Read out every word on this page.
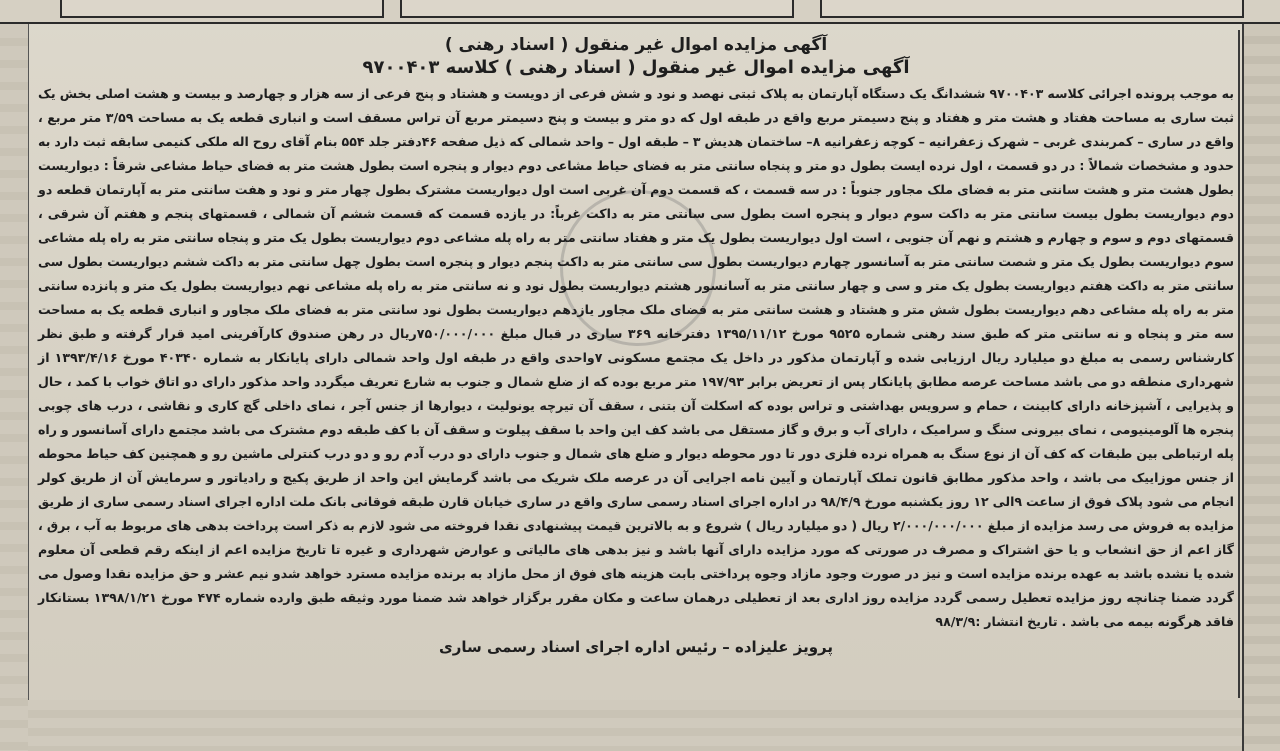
آگهی مزایده اموال غیر منقول ( اسناد رهنی )

آگهی مزایده اموال غیر منقول ( اسناد رهنی ) کلاسه ۹۷۰۰۴۰۳

به موجب پرونده اجرائی کلاسه ۹۷۰۰۴۰۳ ششدانگ یک دستگاه آپارتمان به پلاک ثبتی نهصد و نود و شش فرعی از دویست و هشتاد و پنج فرعی از سه هزار و چهارصد و بیست و هشت اصلی بخش یک ثبت ساری به مساحت هفتاد و هشت متر و هفتاد و پنج دسیمتر مربع واقع در طبقه اول که دو متر و بیست و پنج دسیمتر مربع آن تراس مسقف است و انباری قطعه یک به مساحت ۳/۵۹ متر مربع ، واقع در ساری – کمربندی غربی – شهرک زعفرانیه – کوچه زعفرانیه ۸– ساختمان هدیش ۳ – طبقه اول – واحد شمالی که ذیل صفحه ۴۶دفتر جلد ۵۵۴ بنام آقای روح اله ملکی کنیمی سابقه ثبت دارد به حدود و مشخصات شمالاً : در دو قسمت ، اول نرده ایست بطول دو متر و پنجاه سانتی متر به فضای حیاط مشاعی دوم دیوار و پنجره است بطول هشت متر به فضای حیاط مشاعی شرقاً : دیواریست بطول هشت متر و هشت سانتی متر به فضای ملک مجاور جنوباً : در سه قسمت ، که قسمت دوم آن غربی است اول دیواریست مشترک بطول چهار متر و نود و هفت سانتی متر به آپارتمان قطعه دو دوم دیواریست بطول بیست سانتی متر به داکت سوم دیوار و پنجره است بطول سی سانتی متر به داکت غرباً: در یازده قسمت که قسمت ششم آن شمالی ، قسمتهای پنجم و هفتم آن شرقی ، قسمتهای دوم و سوم و چهارم و هشتم و نهم آن جنوبی ، است اول دیواریست بطول یک متر و هفتاد سانتی متر به راه پله مشاعی دوم دیواریست بطول یک متر و پنجاه سانتی متر به راه پله مشاعی سوم دیواریست بطول یک متر و شصت سانتی متر به آسانسور چهارم دیواریست بطول سی سانتی متر به داکت پنجم دیوار و پنجره است بطول چهل سانتی متر به داکت ششم دیواریست بطول سی سانتی متر به داکت هفتم دیواریست بطول یک متر و سی و چهار سانتی متر به آسانسور هشتم دیواریست بطول نود و نه سانتی متر به راه پله مشاعی نهم دیواریست بطول یک متر و پانزده سانتی متر به راه پله مشاعی دهم دیواریست بطول شش متر و هشتاد و هشت سانتی متر به فضای ملک مجاور یازدهم دیواریست بطول نود سانتی متر به فضای ملک مجاور و انباری قطعه یک به مساحت سه متر و پنجاه و نه سانتی متر که طبق سند رهنی شماره ۹۵۲۵ مورخ ۱۳۹۵/۱۱/۱۲ دفترخانه ۳۶۹ ساری در قبال مبلغ ۷۵۰/۰۰۰/۰۰۰ریال در رهن صندوق کارآفرینی امید قرار گرفته و طبق نظر کارشناس رسمی به مبلغ دو میلیارد ریال ارزیابی شده و آپارتمان مذکور در داخل یک مجتمع مسکونی ۷واحدی واقع در طبقه اول واحد شمالی دارای پایانکار به شماره ۴۰۳۴۰ مورخ ۱۳۹۳/۴/۱۶ از شهرداری منطقه دو می باشد مساحت عرصه مطابق پایانکار پس از تعریض برابر ۱۹۷/۹۳ متر مربع بوده که از ضلع شمال و جنوب به شارع تعریف میگردد واحد مذکور دارای دو اتاق خواب با کمد ، حال و پذیرایی ، آشپزخانه دارای کابینت ، حمام و سرویس بهداشتی و تراس بوده که اسکلت آن بتنی ، سقف آن تیرچه یونولیت ، دیوارها از جنس آجر ، نمای داخلی گچ کاری و نقاشی ، درب های چوبی پنجره ها آلومینیومی ، نمای بیرونی سنگ و سرامیک ، دارای آب و برق و گاز مستقل می باشد کف این واحد با سقف پیلوت و سقف آن با کف طبقه دوم مشترک می باشد مجتمع دارای آسانسور و راه پله ارتباطی بین طبقات که کف آن از نوع سنگ به همراه نرده فلزی دور تا دور محوطه دیوار و ضلع های شمال و جنوب دارای دو درب آدم رو و دو درب کنترلی ماشین رو و همچنین کف حیاط محوطه از جنس موزاییک می باشد ، واحد مذکور مطابق قانون تملک آپارتمان و آیین نامه اجرایی آن در عرصه ملک شریک می باشد گرمایش این واحد از طریق پکیج و رادیاتور و سرمایش آن از طریق کولر انجام می شود پلاک فوق از ساعت ۹الی ۱۲ روز یکشنبه مورخ ۹۸/۴/۹ در اداره اجرای اسناد رسمی ساری واقع در ساری خیابان قارن طبقه فوقانی بانک ملت اداره اجرای اسناد رسمی ساری از طریق مزایده به فروش می رسد مزایده از مبلغ ۲/۰۰۰/۰۰۰/۰۰۰ ریال ( دو میلیارد ریال ) شروع و به بالاترین قیمت پیشنهادی نقدا فروخته می شود لازم به ذکر است پرداخت بدهی های مربوط به آب ، برق ، گاز اعم از حق انشعاب و یا حق اشتراک و مصرف در صورتی که مورد مزایده دارای آنها باشد و نیز بدهی های مالیاتی و عوارض شهرداری و غیره تا تاریخ مزایده اعم از اینکه رقم قطعی آن معلوم شده یا نشده باشد به عهده برنده مزایده است و نیز در صورت وجود مازاد وجوه پرداختی بابت هزینه های فوق از محل مازاد به برنده مزایده مسترد خواهد شدو نیم عشر و حق مزایده نقدا وصول می گردد ضمنا چنانچه روز مزایده تعطیل رسمی گردد مزایده روز اداری بعد از تعطیلی درهمان ساعت و مکان مقرر برگزار خواهد شد ضمنا مورد وثیقه طبق وارده شماره ۴۷۴ مورخ ۱۳۹۸/۱/۲۱ بستانکار فاقد هرگونه بیمه می باشد . تاریخ انتشار :۹۸/۳/۹

پرویز علیزاده – رئیس اداره اجرای اسناد رسمی ساری
